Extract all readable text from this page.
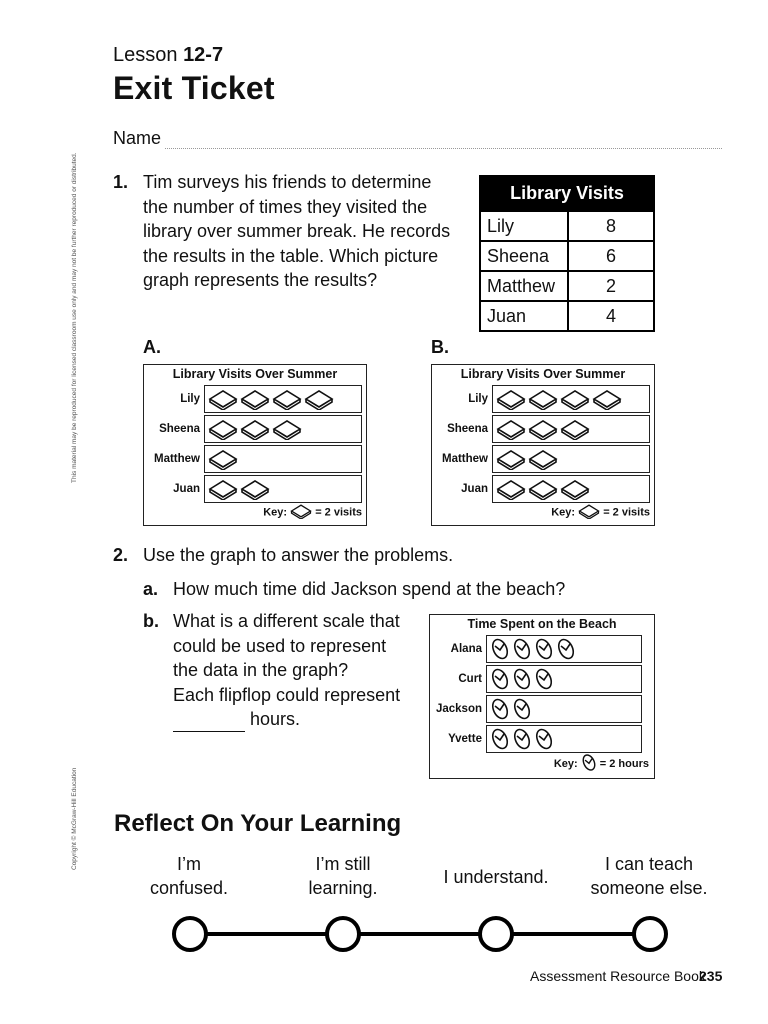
Lesson 12-7
Exit Ticket
Name
This material may be reproduced for licensed classroom use only and may not be further reproduced or distributed.
Copyright © McGraw-Hill Education
1. Tim surveys his friends to determine
the number of times they visited the
library over summer break. He records
the results in the table. Which picture
graph represents the results?
Library Visits	
Lily	8
Sheena	6
Matthew	2
Juan	4
A.	B.
Library Visits Over Summer
Lily
Sheena
Matthew
Juan
Key:	= 2 visits
Library Visits Over Summer
Lily
Sheena
Matthew
Juan
Key:	= 2 visits
2. Use the graph to answer the problems.
a. How much time did Jackson spend at the beach?
b. What is a different scale that
could be used to represent
the data in the graph?
Each flipflop could represent
hours.
Time Spent on the Beach
Alana
Curt
Jackson
Yvette
Key: = 2 hours
Reflect On Your Learning
I’m
confused.
I’m still
learning.
I understand.
I can teach
someone else.
Assessment Resource Book
235
